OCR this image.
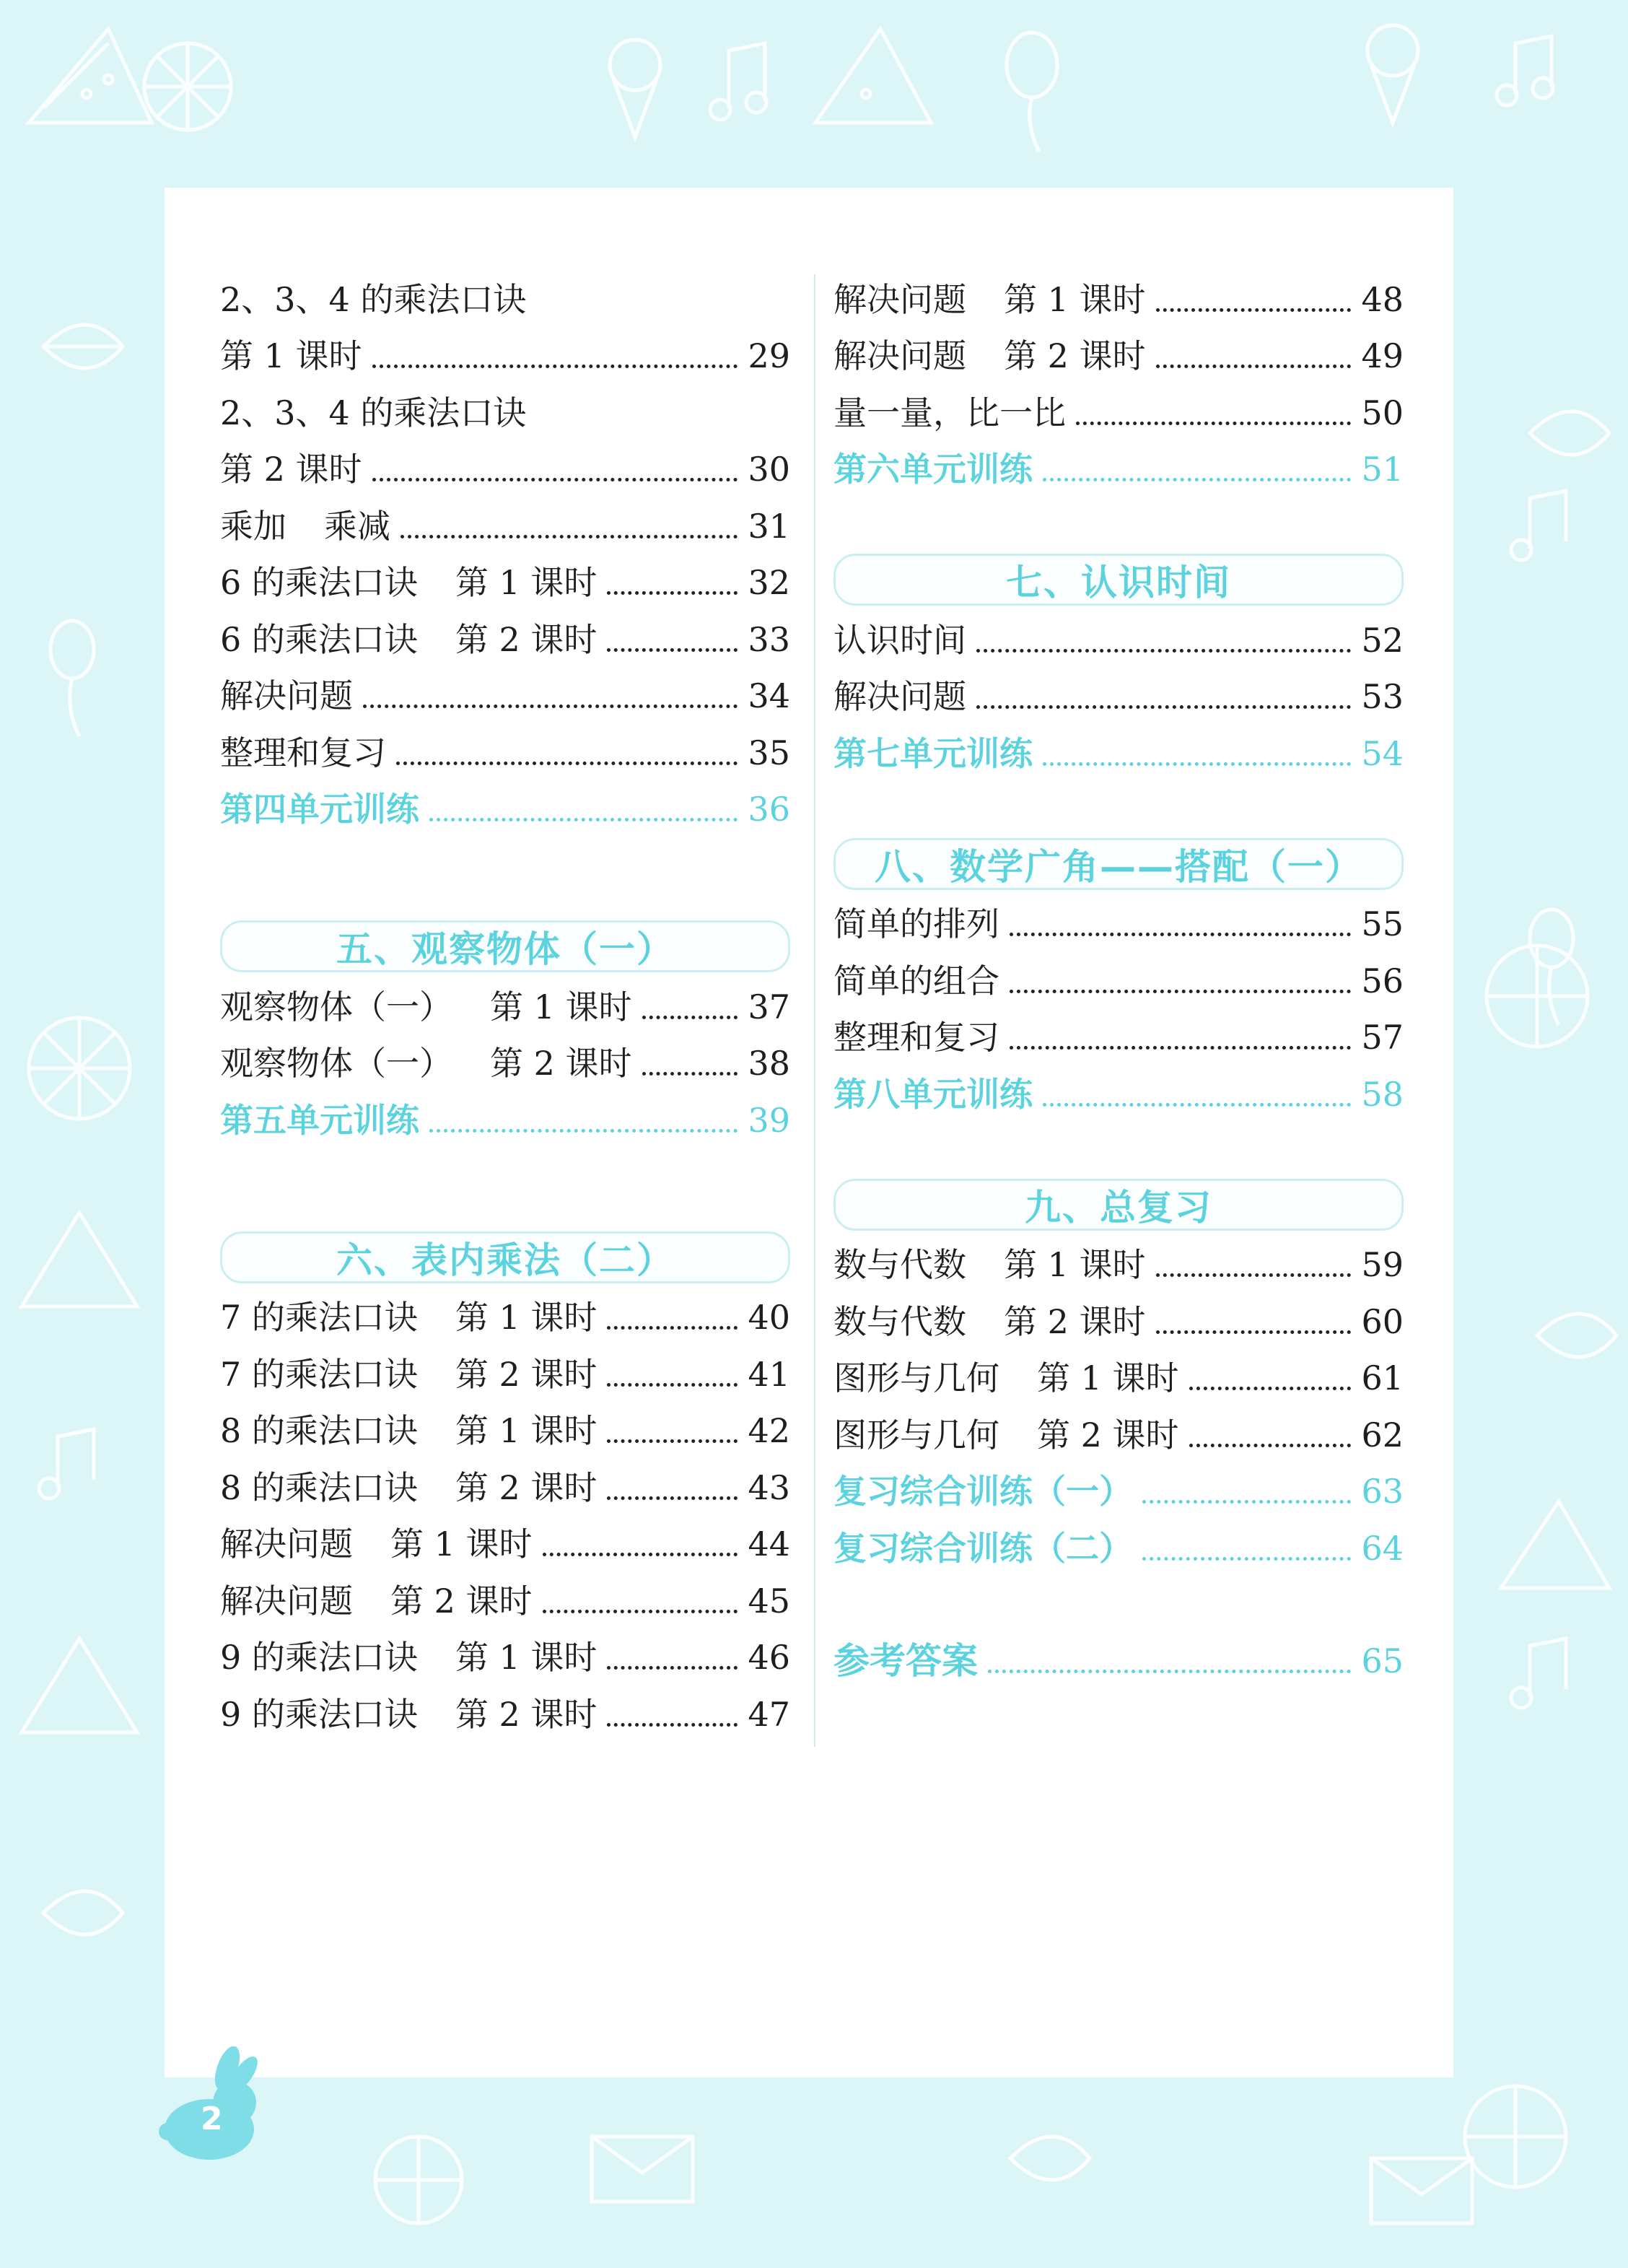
2、3、4 的乘法口诀
第 1 课时	29
2、3、4 的乘法口诀
第 2 课时	30
乘加 乘减	31
6 的乘法口诀 第 1 课时	32
6 的乘法口诀 第 2 课时	33
解决问题	34
整理和复习	35
第四单元训练	36
五、观察物体（一）
观察物体（一） 第 1 课时	37
观察物体（一） 第 2 课时	38
第五单元训练	39
六、表内乘法（二）
7 的乘法口诀 第 1 课时	40
7 的乘法口诀 第 2 课时	41
8 的乘法口诀 第 1 课时	42
8 的乘法口诀 第 2 课时	43
解决问题 第 1 课时	44
解决问题 第 2 课时	45
9 的乘法口诀 第 1 课时	46
9 的乘法口诀 第 2 课时	47
解决问题 第 1 课时	48
解决问题 第 2 课时	49
量一量，比一比	50
第六单元训练	51
七、认识时间
认识时间	52
解决问题	53
第七单元训练	54
八、数学广角——搭配（一）
简单的排列	55
简单的组合	56
整理和复习	57
第八单元训练	58
九、总复习
数与代数 第 1 课时	59
数与代数 第 2 课时	60
图形与几何 第 1 课时	61
图形与几何 第 2 课时	62
复习综合训练（一）	63
复习综合训练（二）	64
参考答案	65
2
